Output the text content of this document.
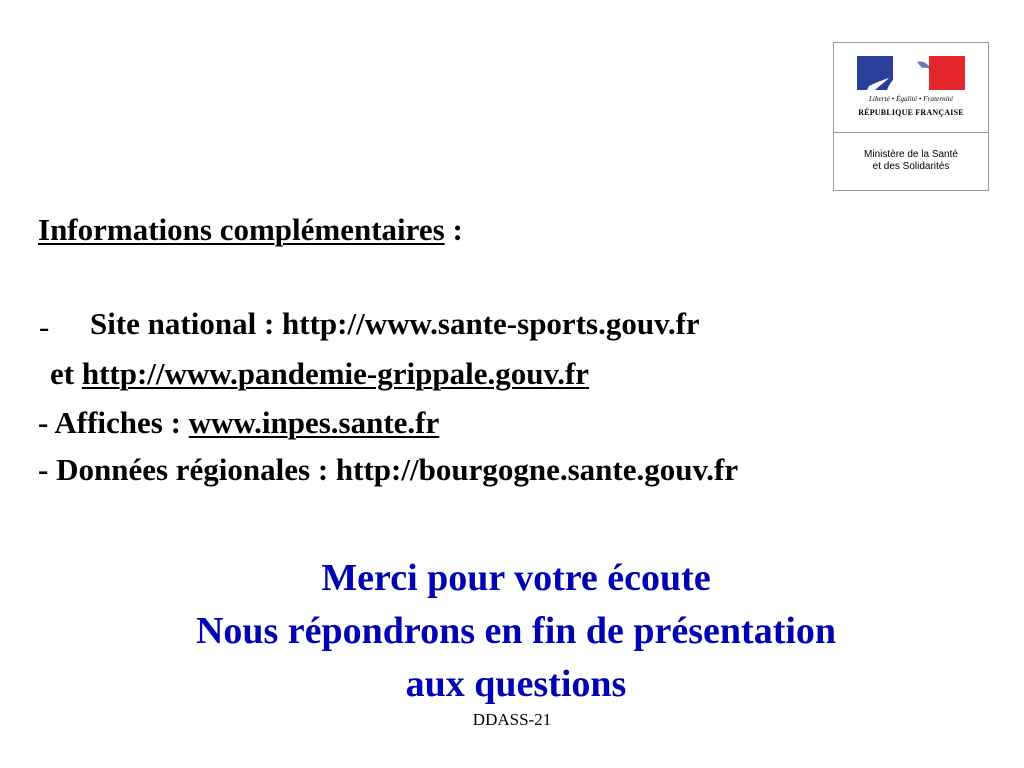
Liberté • Égalité • Fraternité
RÉPUBLIQUE FRANÇAISE
Ministère de la Santé
et des Solidarités
Informations complémentaires :
- Site national : http://www.sante-sports.gouv.fr
et http://www.pandemie-grippale.gouv.fr
- Affiches : www.inpes.sante.fr
- Données régionales : http://bourgogne.sante.gouv.fr
Merci pour votre écoute
Nous répondrons en fin de présentation
aux questions
DDASS-21
